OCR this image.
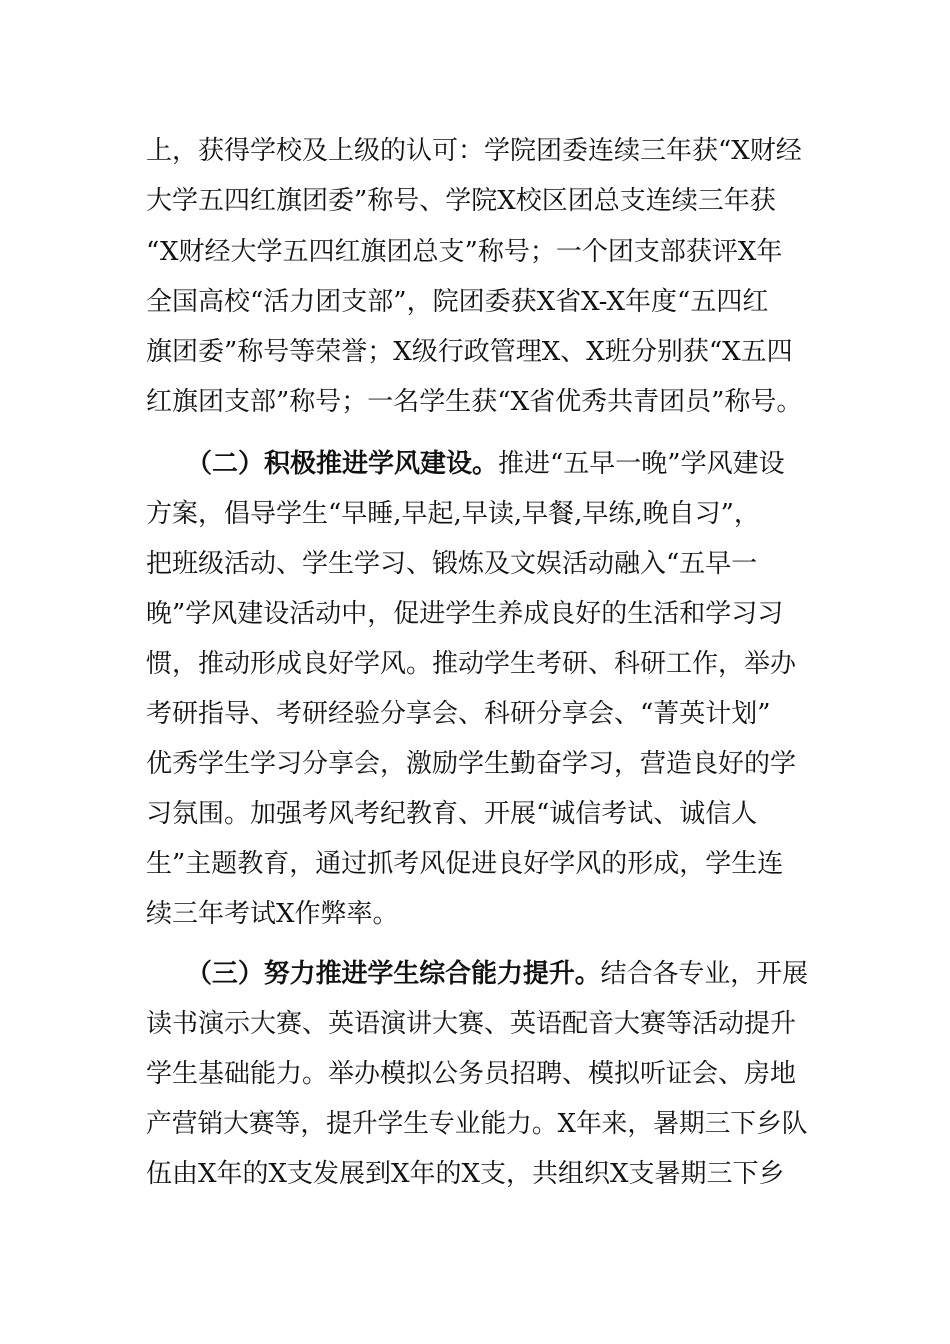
上，获得学校及上级的认可：学院团委连续三年获“X财经
大学五四红旗团委”称号、学院X校区团总支连续三年获
“X财经大学五四红旗团总支”称号；一个团支部获评X年
全国高校“活力团支部”，院团委获X省X-X年度“五四红
旗团委”称号等荣誉；X级行政管理X、X班分别获“X五四
红旗团支部”称号；一名学生获“X省优秀共青团员”称号。
（二）积极推进学风建设。推进“五早一晚”学风建设
方案，倡导学生“早睡,早起,早读,早餐,早练,晚自习”，
把班级活动、学生学习、锻炼及文娱活动融入“五早一
晚”学风建设活动中，促进学生养成良好的生活和学习习
惯，推动形成良好学风。推动学生考研、科研工作，举办
考研指导、考研经验分享会、科研分享会、“菁英计划”
优秀学生学习分享会，激励学生勤奋学习，营造良好的学
习氛围。加强考风考纪教育、开展“诚信考试、诚信人
生”主题教育，通过抓考风促进良好学风的形成，学生连
续三年考试X作弊率。
（三）努力推进学生综合能力提升。结合各专业，开展
读书演示大赛、英语演讲大赛、英语配音大赛等活动提升
学生基础能力。举办模拟公务员招聘、模拟听证会、房地
产营销大赛等，提升学生专业能力。X年来，暑期三下乡队
伍由X年的X支发展到X年的X支，共组织X支暑期三下乡
